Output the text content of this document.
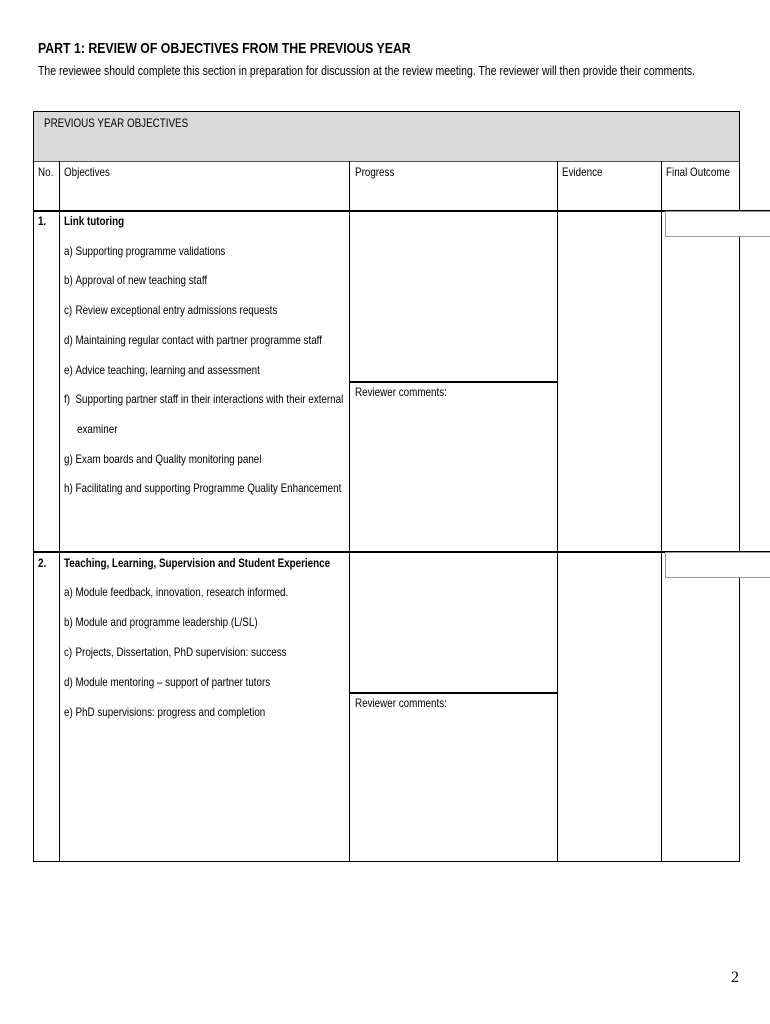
PART 1: REVIEW OF OBJECTIVES FROM THE PREVIOUS YEAR
The reviewee should complete this section in preparation for discussion at the review meeting. The reviewer will then provide their comments.
PREVIOUS YEAR OBJECTIVES
No. Objectives	Progress	Evidence	Final Outcome
1. Link tutoring
a) Supporting programme validations
b) Approval of new teaching staff
c) Review exceptional entry admissions requests
d) Maintaining regular contact with partner programme staff
e) Advice teaching, learning and assessment
f) Supporting partner staff in their interactions with their external
examiner
g) Exam boards and Quality monitoring panel
h) Facilitating and supporting Programme Quality Enhancement
Reviewer comments:
2. Teaching, Learning, Supervision and Student Experience
a) Module feedback, innovation, research informed.
b) Module and programme leadership (L/SL)
c) Projects, Dissertation, PhD supervision: success
d) Module mentoring – support of partner tutors
e) PhD supervisions: progress and completion
Reviewer comments:
2
